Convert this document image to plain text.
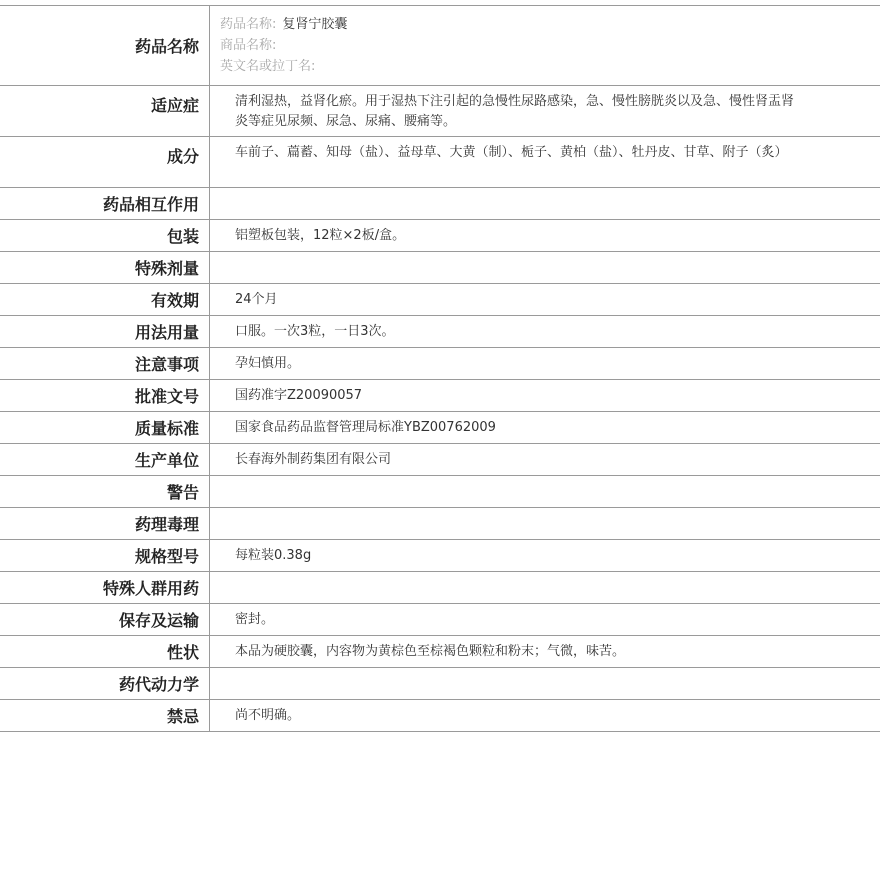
药品名称	药品名称: 复肾宁胶囊
商品名称:
英文名或拉丁名:

适应症	清利湿热，益肾化瘀。用于湿热下注引起的急慢性尿路感染，急、慢性膀胱炎以及急、慢性肾盂肾炎等症见尿频、尿急、尿痛、腰痛等。

成分	车前子、萹蓄、知母（盐）、益母草、大黄（制）、栀子、黄柏（盐）、牡丹皮、甘草、附子（炙）

药品相互作用	

包装	铝塑板包装，12粒×2板/盒。

特殊剂量	

有效期	24个月

用法用量	口服。一次3粒，一日3次。

注意事项	孕妇慎用。

批准文号	国药准字Z20090057

质量标准	国家食品药品监督管理局标准YBZ00762009

生产单位	长春海外制药集团有限公司

警告	

药理毒理	

规格型号	每粒装0.38g

特殊人群用药	

保存及运输	密封。

性状	本品为硬胶囊，内容物为黄棕色至棕褐色颗粒和粉末；气微，味苦。

药代动力学	

禁忌	尚不明确。
